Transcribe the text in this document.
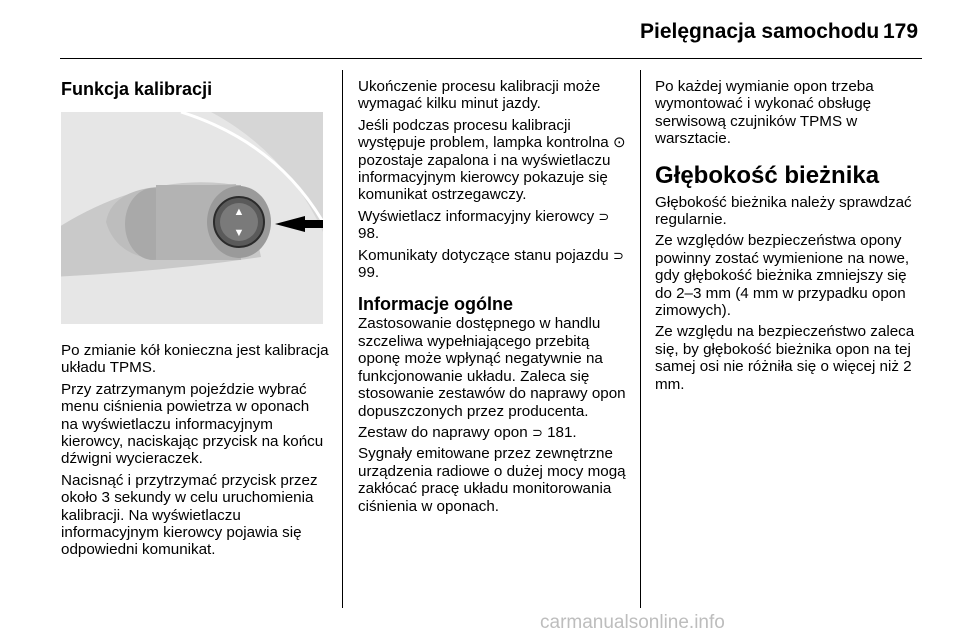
Pielęgnacja samochodu 179
Funkcja kalibracji
▲
▼

Po zmianie kół konieczna jest kalibracja układu TPMS.

Przy zatrzymanym pojeździe wybrać menu ciśnienia powietrza w oponach na wyświetlaczu informacyjnym kierowcy, naciskając przycisk na końcu dźwigni wycieraczek.

Nacisnąć i przytrzymać przycisk przez około 3 sekundy w celu uruchomienia kalibracji. Na wyświetlaczu informacyjnym kierowcy pojawia się odpowiedni komunikat.

Ukończenie procesu kalibracji może wymagać kilku minut jazdy.

Jeśli podczas procesu kalibracji występuje problem, lampka kontrolna ⊙ pozostaje zapalona i na wyświetlaczu informacyjnym kierowcy pokazuje się komunikat ostrzegawczy.

Wyświetlacz informacyjny kierowcy ⊃ 98.

Komunikaty dotyczące stanu pojazdu ⊃ 99.

Informacje ogólne

Zastosowanie dostępnego w handlu szczeliwa wypełniającego przebitą oponę może wpłynąć negatywnie na funkcjonowanie układu. Zaleca się stosowanie zestawów do naprawy opon dopuszczonych przez producenta.

Zestaw do naprawy opon ⊃ 181.

Sygnały emitowane przez zewnętrzne urządzenia radiowe o dużej mocy mogą zakłócać pracę układu monitorowania ciśnienia w oponach.

Po każdej wymianie opon trzeba wymontować i wykonać obsługę serwisową czujników TPMS w warsztacie.

Głębokość bieżnika

Głębokość bieżnika należy sprawdzać regularnie.

Ze względów bezpieczeństwa opony powinny zostać wymienione na nowe, gdy głębokość bieżnika zmniejszy się do 2–3 mm (4 mm w przypadku opon zimowych).

Ze względu na bezpieczeństwo zaleca się, by głębokość bieżnika opon na tej samej osi nie różniła się o więcej niż 2 mm.

carmanualsonline.info
